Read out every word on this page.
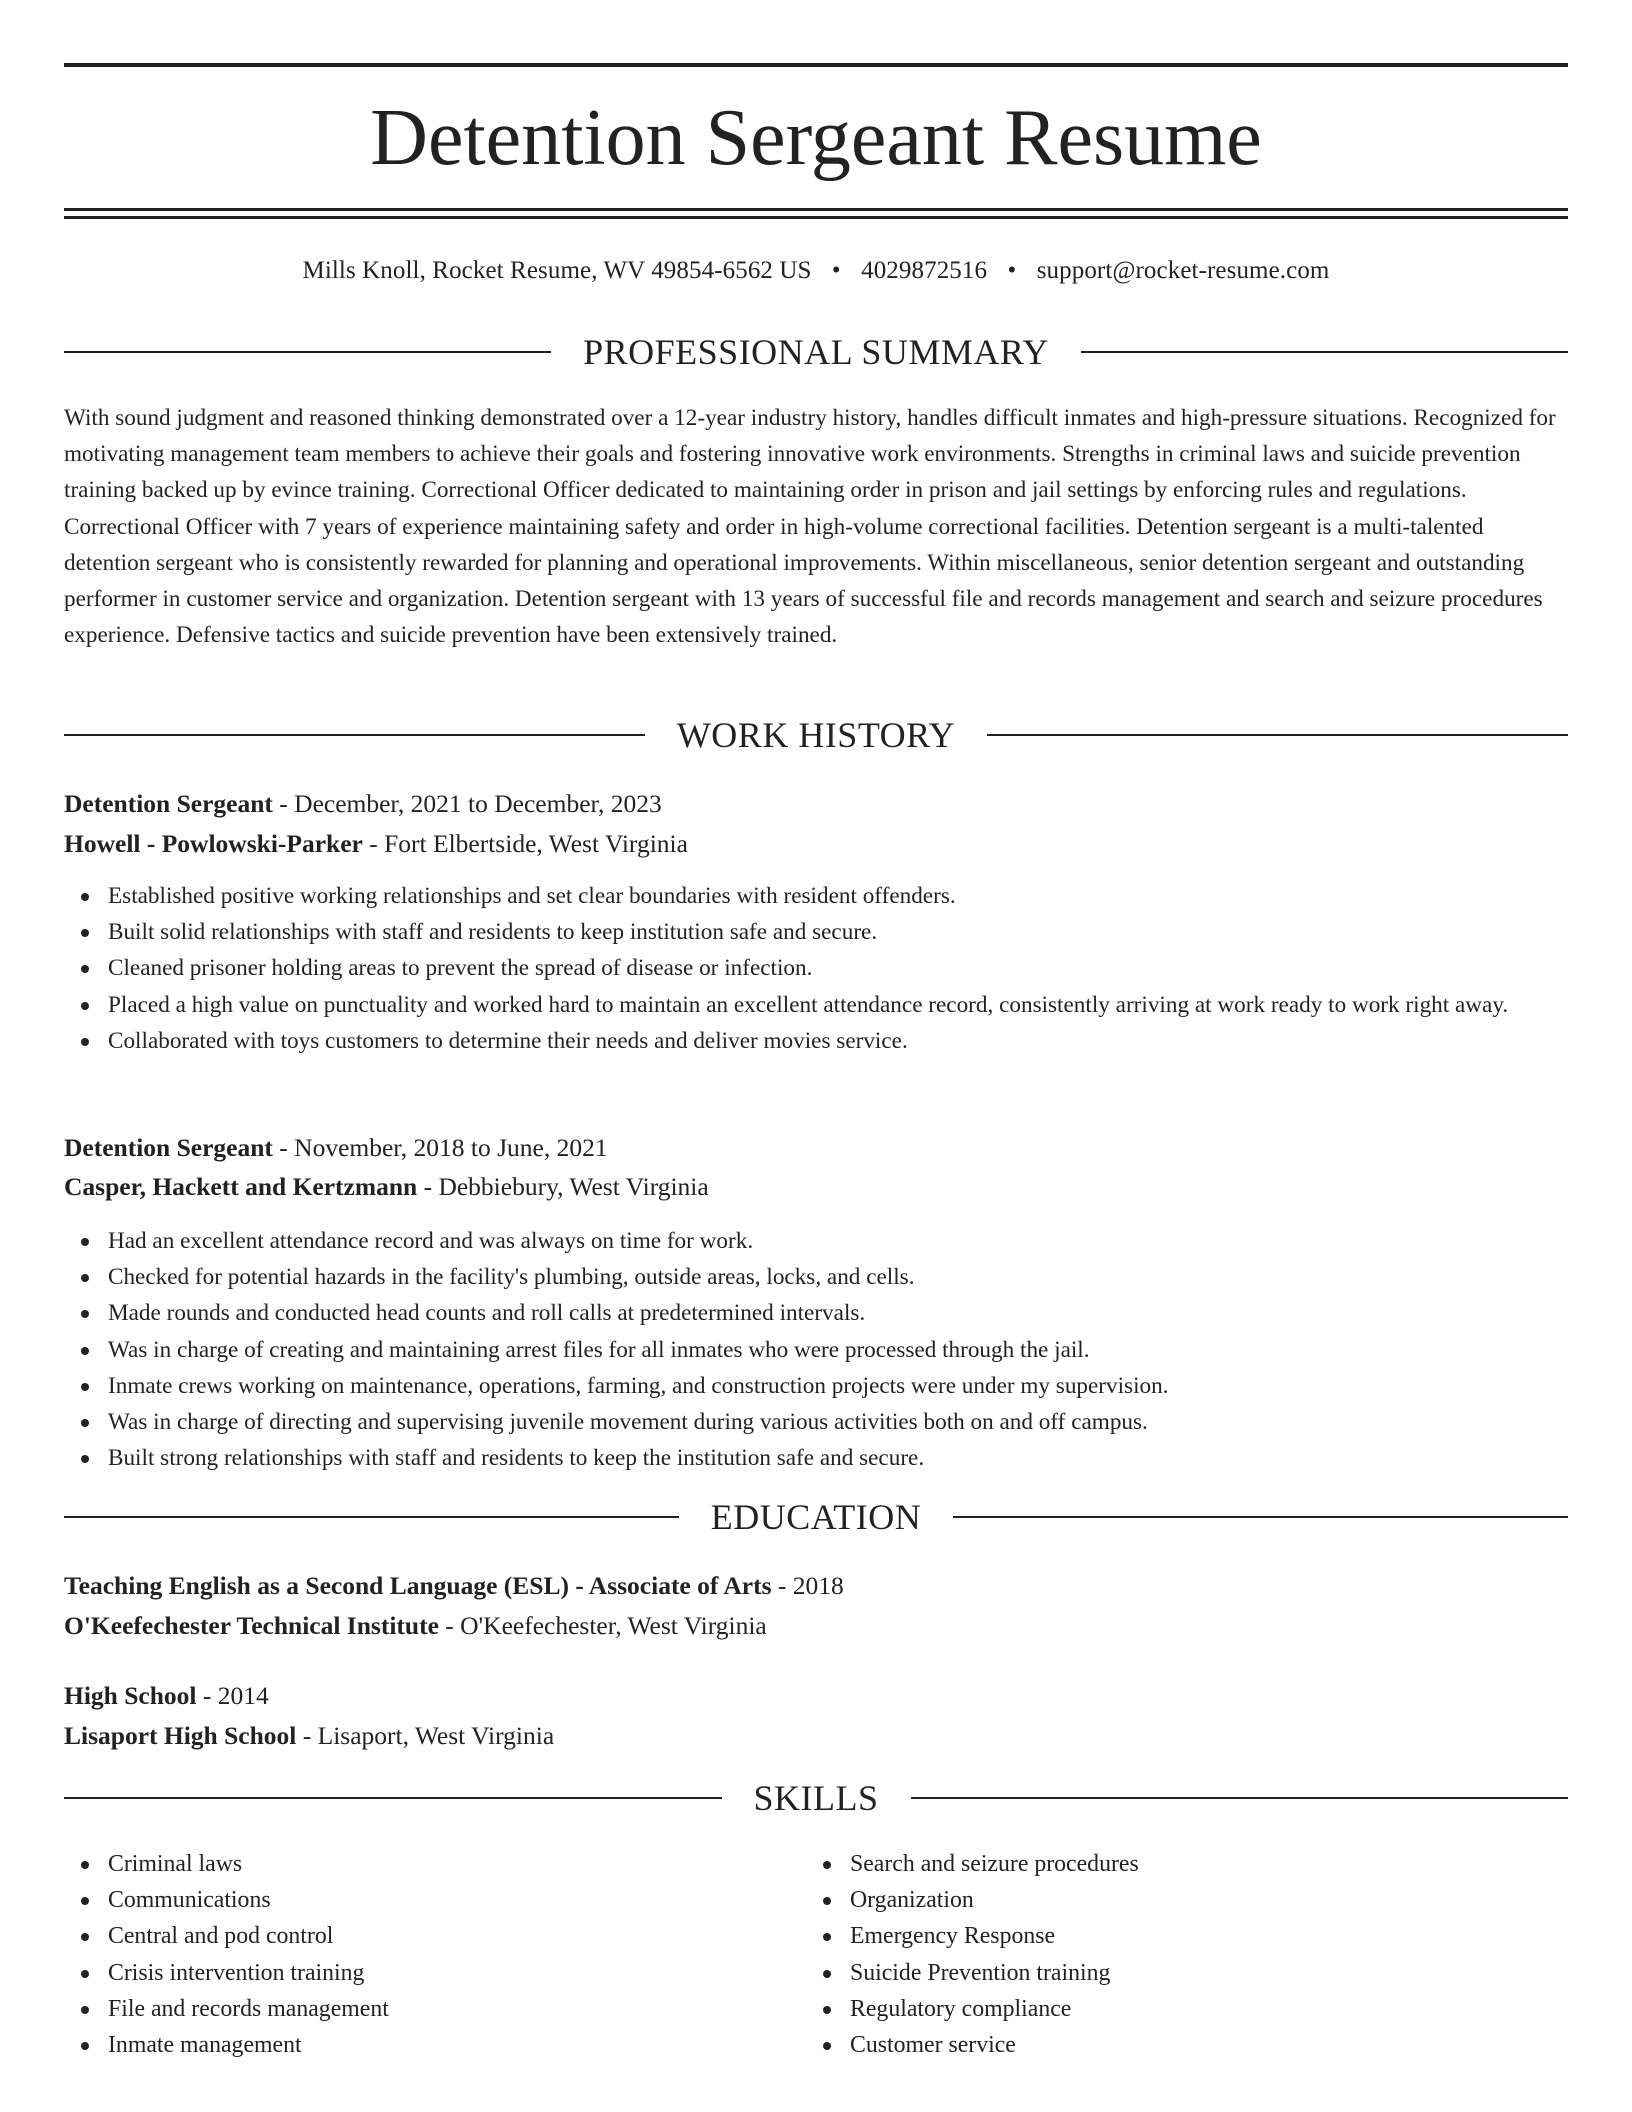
Detention Sergeant Resume
Mills Knoll, Rocket Resume, WV 49854-6562 US • 4029872516 • support@rocket-resume.com
PROFESSIONAL SUMMARY

With sound judgment and reasoned thinking demonstrated over a 12-year industry history, handles difficult inmates and high-pressure situations. Recognized for motivating management team members to achieve their goals and fostering innovative work environments. Strengths in criminal laws and suicide prevention training backed up by evince training. Correctional Officer dedicated to maintaining order in prison and jail settings by enforcing rules and regulations. Correctional Officer with 7 years of experience maintaining safety and order in high-volume correctional facilities. Detention sergeant is a multi-talented detention sergeant who is consistently rewarded for planning and operational improvements. Within miscellaneous, senior detention sergeant and outstanding performer in customer service and organization. Detention sergeant with 13 years of successful file and records management and search and seizure procedures experience. Defensive tactics and suicide prevention have been extensively trained.

WORK HISTORY
Detention Sergeant - December, 2021 to December, 2023
Howell - Powlowski-Parker - Fort Elbertside, West Virginia
Established positive working relationships and set clear boundaries with resident offenders.
Built solid relationships with staff and residents to keep institution safe and secure.
Cleaned prisoner holding areas to prevent the spread of disease or infection.
Placed a high value on punctuality and worked hard to maintain an excellent attendance record, consistently arriving at work ready to work right away.
Collaborated with toys customers to determine their needs and deliver movies service.
Detention Sergeant - November, 2018 to June, 2021
Casper, Hackett and Kertzmann - Debbiebury, West Virginia
Had an excellent attendance record and was always on time for work.
Checked for potential hazards in the facility's plumbing, outside areas, locks, and cells.
Made rounds and conducted head counts and roll calls at predetermined intervals.
Was in charge of creating and maintaining arrest files for all inmates who were processed through the jail.
Inmate crews working on maintenance, operations, farming, and construction projects were under my supervision.
Was in charge of directing and supervising juvenile movement during various activities both on and off campus.
Built strong relationships with staff and residents to keep the institution safe and secure.
EDUCATION
Teaching English as a Second Language (ESL) - Associate of Arts - 2018
O'Keefechester Technical Institute - O'Keefechester, West Virginia
High School - 2014
Lisaport High School - Lisaport, West Virginia
SKILLS
Criminal laws
Communications
Central and pod control
Crisis intervention training
File and records management
Inmate management
Search and seizure procedures
Organization
Emergency Response
Suicide Prevention training
Regulatory compliance
Customer service
